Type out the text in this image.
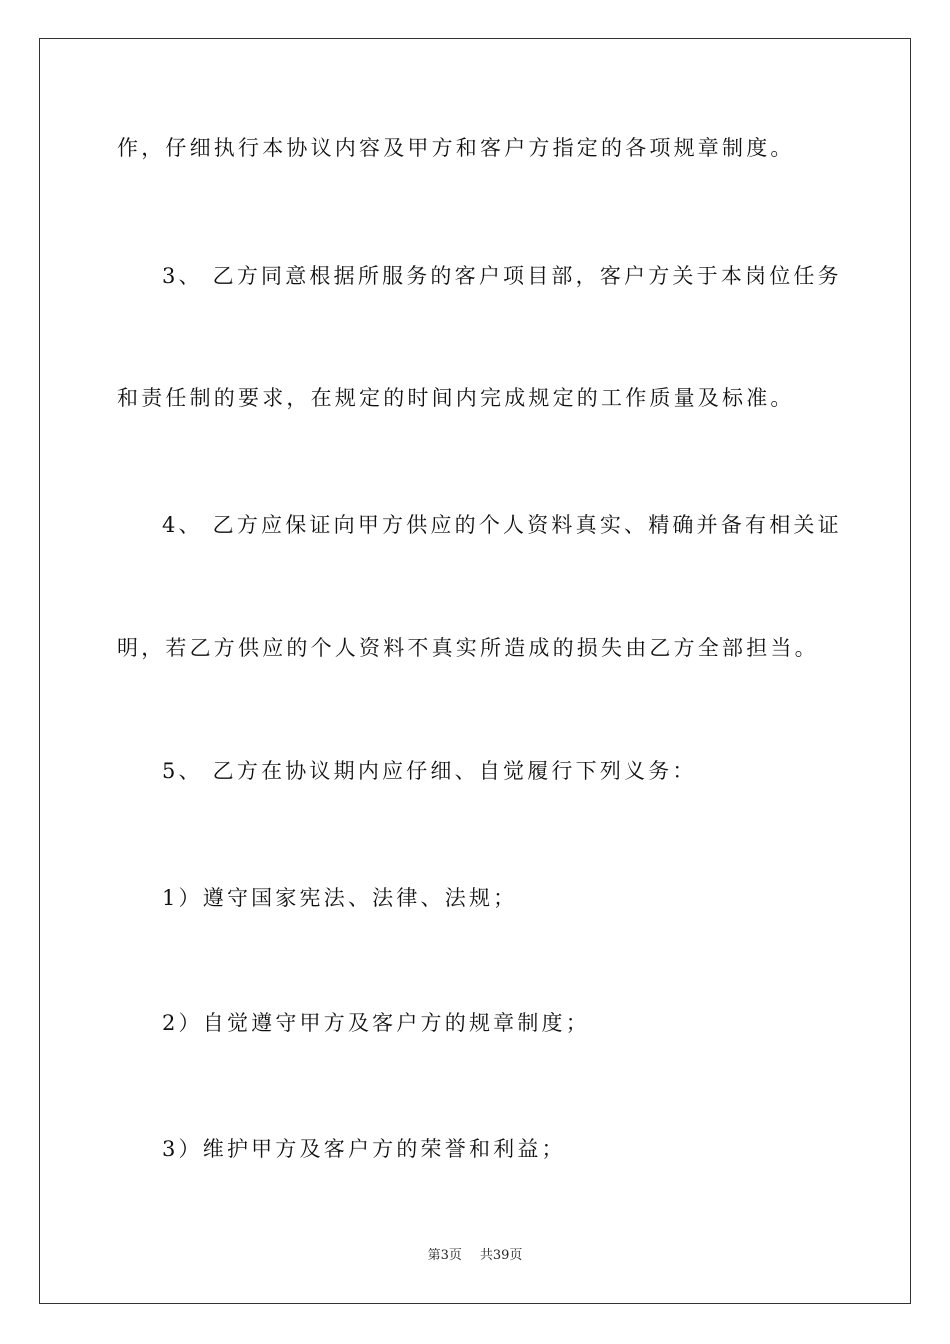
作，仔细执行本协议内容及甲方和客户方指定的各项规章制度。
3、 乙方同意根据所服务的客户项目部，客户方关于本岗位任务
和责任制的要求，在规定的时间内完成规定的工作质量及标准。
4、 乙方应保证向甲方供应的个人资料真实、精确并备有相关证
明，若乙方供应的个人资料不真实所造成的损失由乙方全部担当。
5、 乙方在协议期内应仔细、自觉履行下列义务：
1）遵守国家宪法、法律、法规；
2）自觉遵守甲方及客户方的规章制度；
3）维护甲方及客户方的荣誉和利益；
第3页 共39页
